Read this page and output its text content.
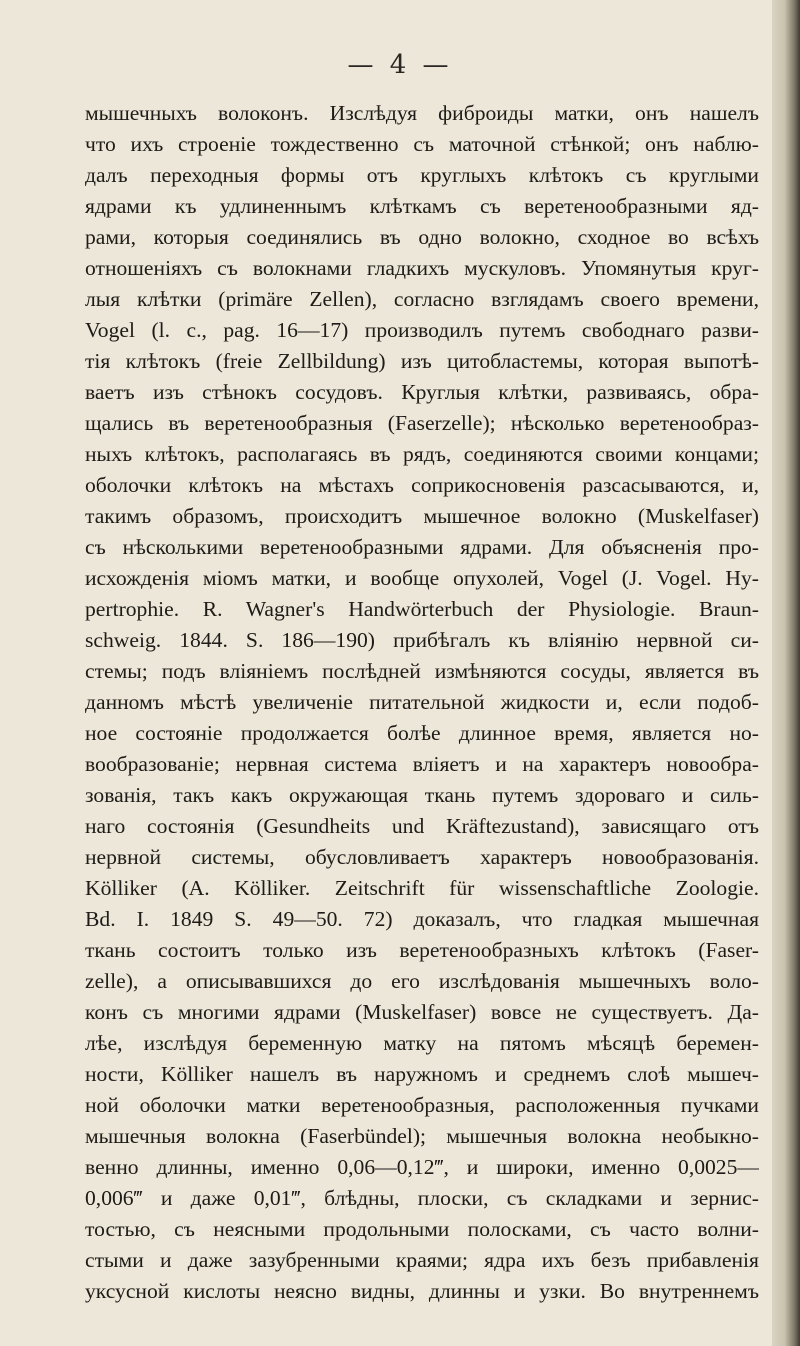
— 4 —
мышечныхъ волоконъ. Изслѣдуя фиброиды матки, онъ нашелъ
что ихъ строеніе тождественно съ маточной стѣнкой; онъ наблю-
далъ переходныя формы отъ круглыхъ клѣтокъ съ круглыми
ядрами къ удлиненнымъ клѣткамъ съ веретенообразными яд-
рами, которыя соединялись въ одно волокно, сходное во всѣхъ
отношеніяхъ съ волокнами гладкихъ мускуловъ. Упомянутыя круг-
лыя клѣтки (primäre Zellen), согласно взглядамъ своего времени,
Vogel (l. c., pag. 16—17) производилъ путемъ свободнаго разви-
тія клѣтокъ (freie Zellbildung) изъ цитобластемы, которая выпотѣ-
ваетъ изъ стѣнокъ сосудовъ. Круглыя клѣтки, развиваясь, обра-
щались въ веретенообразныя (Faserzelle); нѣсколько веретенообраз-
ныхъ клѣтокъ, располагаясь въ рядъ, соединяются своими концами;
оболочки клѣтокъ на мѣстахъ соприкосновенія разсасываются, и,
такимъ образомъ, происходитъ мышечное волокно (Muskelfaser)
съ нѣсколькими веретенообразными ядрами. Для объясненія про-
исхожденія міомъ матки, и вообще опухолей, Vogel (J. Vogel. Hy-
pertrophie. R. Wagner's Handwörterbuch der Physiologie. Braun-
schweig. 1844. S. 186—190) прибѣгалъ къ вліянію нервной си-
стемы; подъ вліяніемъ послѣдней измѣняются сосуды, является въ
данномъ мѣстѣ увеличеніе питательной жидкости и, если подоб-
ное состояніе продолжается болѣе длинное время, является но-
вообразованіе; нервная система вліяетъ и на характеръ новообра-
зованія, такъ какъ окружающая ткань путемъ здороваго и силь-
наго состоянія (Gesundheits und Kräftezustand), зависящаго отъ
нервной системы, обусловливаетъ характеръ новообразованія.
Kölliker (A. Kölliker. Zeitschrift für wissenschaftliche Zoologie.
Bd. I. 1849 S. 49—50. 72) доказалъ, что гладкая мышечная
ткань состоитъ только изъ веретенообразныхъ клѣтокъ (Faser-
zelle), а описывавшихся до его изслѣдованія мышечныхъ воло-
конъ съ многими ядрами (Muskelfaser) вовсе не существуетъ. Да-
лѣе, изслѣдуя беременную матку на пятомъ мѣсяцѣ беремен-
ности, Kölliker нашелъ въ наружномъ и среднемъ слоѣ мышеч-
ной оболочки матки веретенообразныя, расположенныя пучками
мышечныя волокна (Faserbündel); мышечныя волокна необыкно-
венно длинны, именно 0,06—0,12‴, и широки, именно 0,0025—
0,006‴ и даже 0,01‴, блѣдны, плоски, съ складками и зернис-
тостью, съ неясными продольными полосками, съ часто волни-
стыми и даже зазубренными краями; ядра ихъ безъ прибавленія
уксусной кислоты неясно видны, длинны и узки. Во внутреннемъ
